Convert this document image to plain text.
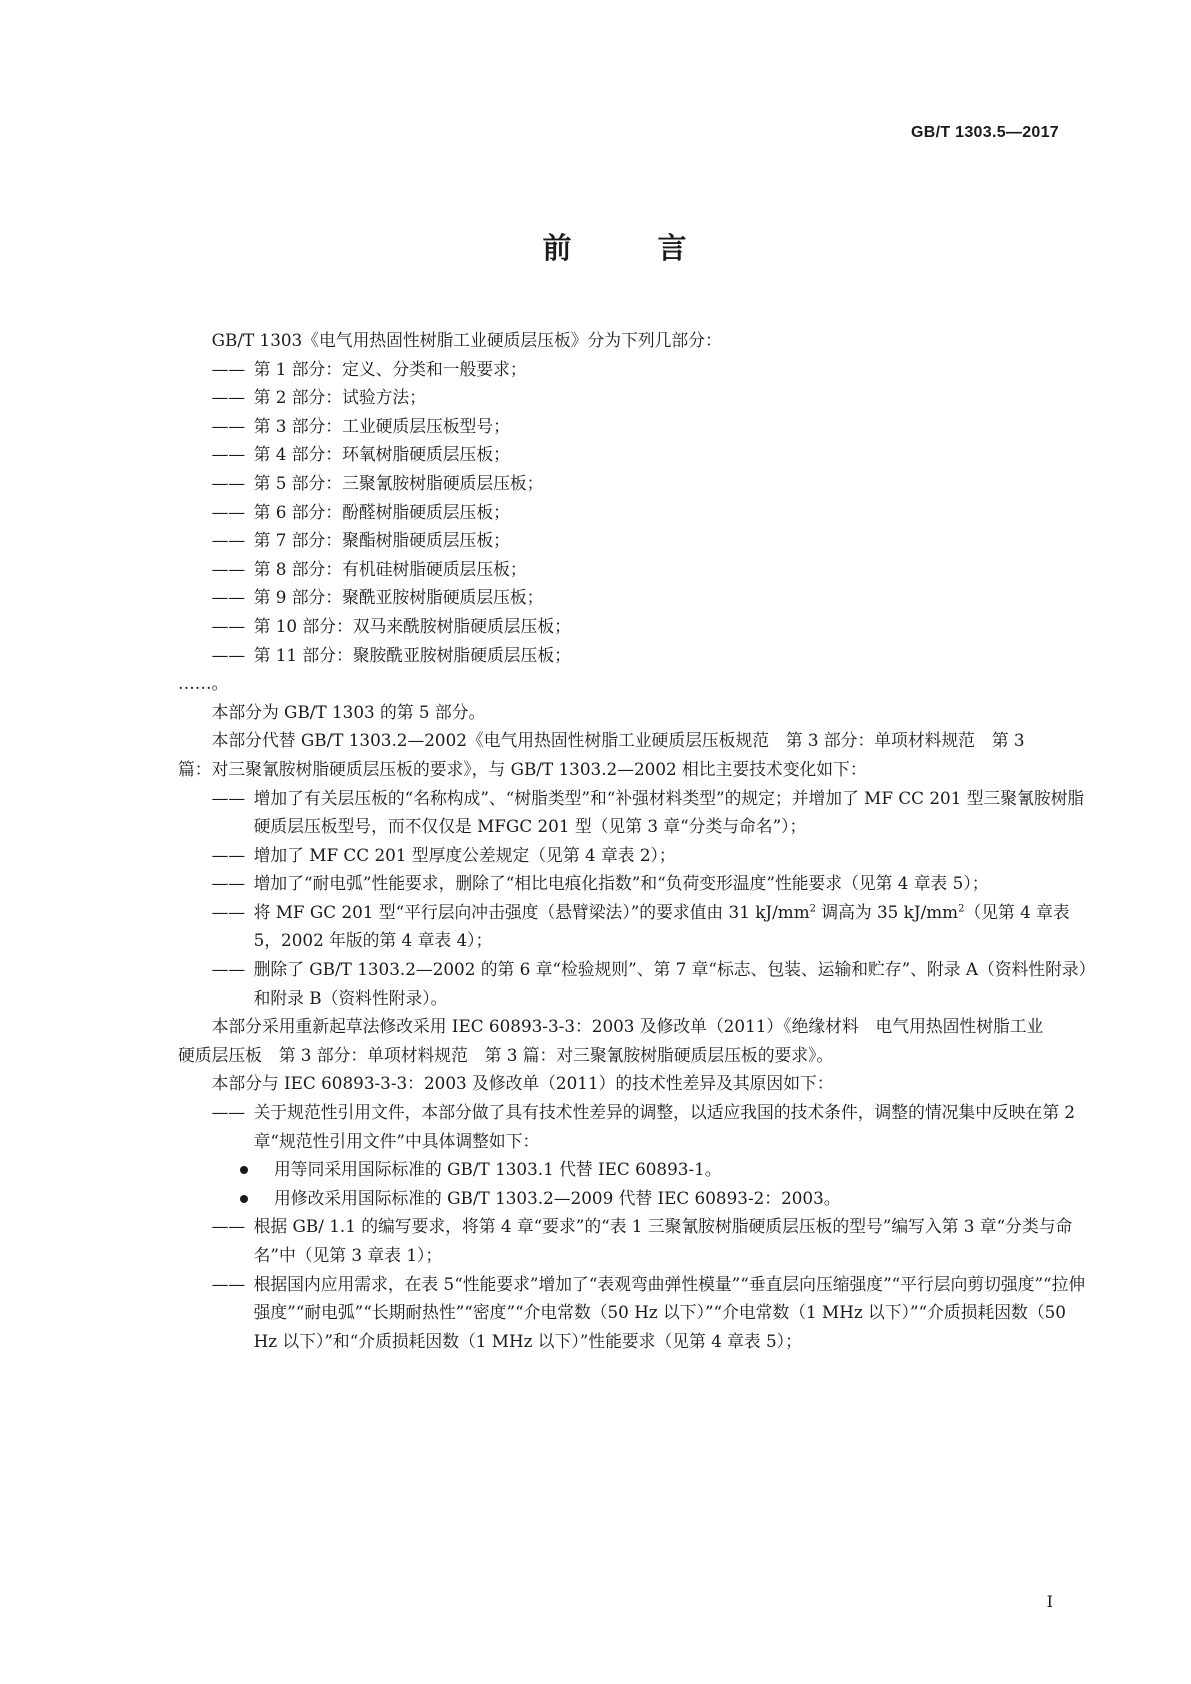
GB/T 1303.5—2017
前 言

GB/T 1303《电气用热固性树脂工业硬质层压板》分为下列几部分：

—— 第 1 部分：定义、分类和一般要求；

—— 第 2 部分：试验方法；

—— 第 3 部分：工业硬质层压板型号；

—— 第 4 部分：环氧树脂硬质层压板；

—— 第 5 部分：三聚氰胺树脂硬质层压板；

—— 第 6 部分：酚醛树脂硬质层压板；

—— 第 7 部分：聚酯树脂硬质层压板；

—— 第 8 部分：有机硅树脂硬质层压板；

—— 第 9 部分：聚酰亚胺树脂硬质层压板；

—— 第 10 部分：双马来酰胺树脂硬质层压板；

—— 第 11 部分：聚胺酰亚胺树脂硬质层压板；

……。

本部分为 GB/T 1303 的第 5 部分。

本部分代替 GB/T 1303.2—2002《电气用热固性树脂工业硬质层压板规范　第 3 部分：单项材料规范　第 3 篇：对三聚氰胺树脂硬质层压板的要求》，与 GB/T 1303.2—2002 相比主要技术变化如下：

—— 增加了有关层压板的“名称构成”、“树脂类型”和“补强材料类型”的规定；并增加了 MF CC 201 型三聚氰胺树脂硬质层压板型号，而不仅仅是 MFGC 201 型（见第 3 章“分类与命名”）；

—— 增加了 MF CC 201 型厚度公差规定（见第 4 章表 2）；

—— 增加了“耐电弧”性能要求，删除了“相比电痕化指数”和“负荷变形温度”性能要求（见第 4 章表 5）；

—— 将 MF GC 201 型“平行层向冲击强度（悬臂梁法）”的要求值由 31 $kJ/mm^2$ 调高为 35 $kJ/mm^2$（见第 4 章表 5，2002 年版的第 4 章表 4）；

—— 删除了 GB/T 1303.2—2002 的第 6 章“检验规则”、第 7 章“标志、包装、运输和贮存”、附录 A（资料性附录）和附录 B（资料性附录）。

本部分采用重新起草法修改采用 IEC 60893-3-3：2003 及修改单（2011）《绝缘材料　电气用热固性树脂工业硬质层压板　第 3 部分：单项材料规范　第 3 篇：对三聚氰胺树脂硬质层压板的要求》。

本部分与 IEC 60893-3-3：2003 及修改单（2011）的技术性差异及其原因如下：

—— 关于规范性引用文件，本部分做了具有技术性差异的调整，以适应我国的技术条件，调整的情况集中反映在第 2 章“规范性引用文件”中具体调整如下：

用等同采用国际标准的 GB/T 1303.1 代替 IEC 60893-1。

用修改采用国际标准的 GB/T 1303.2—2009 代替 IEC 60893-2：2003。

—— 根据 GB/ 1.1 的编写要求，将第 4 章“要求”的“表 1 三聚氰胺树脂硬质层压板的型号”编写入第 3 章“分类与命名”中（见第 3 章表 1）；

—— 根据国内应用需求，在表 5“性能要求”增加了“表观弯曲弹性模量”“垂直层向压缩强度”“平行层向剪切强度”“拉伸强度”“耐电弧”“长期耐热性”“密度”“介电常数（50 Hz 以下）”“介电常数（1 MHz 以下）”“介质损耗因数（50 Hz 以下）”和“介质损耗因数（1 MHz 以下）”性能要求（见第 4 章表 5）；

I
